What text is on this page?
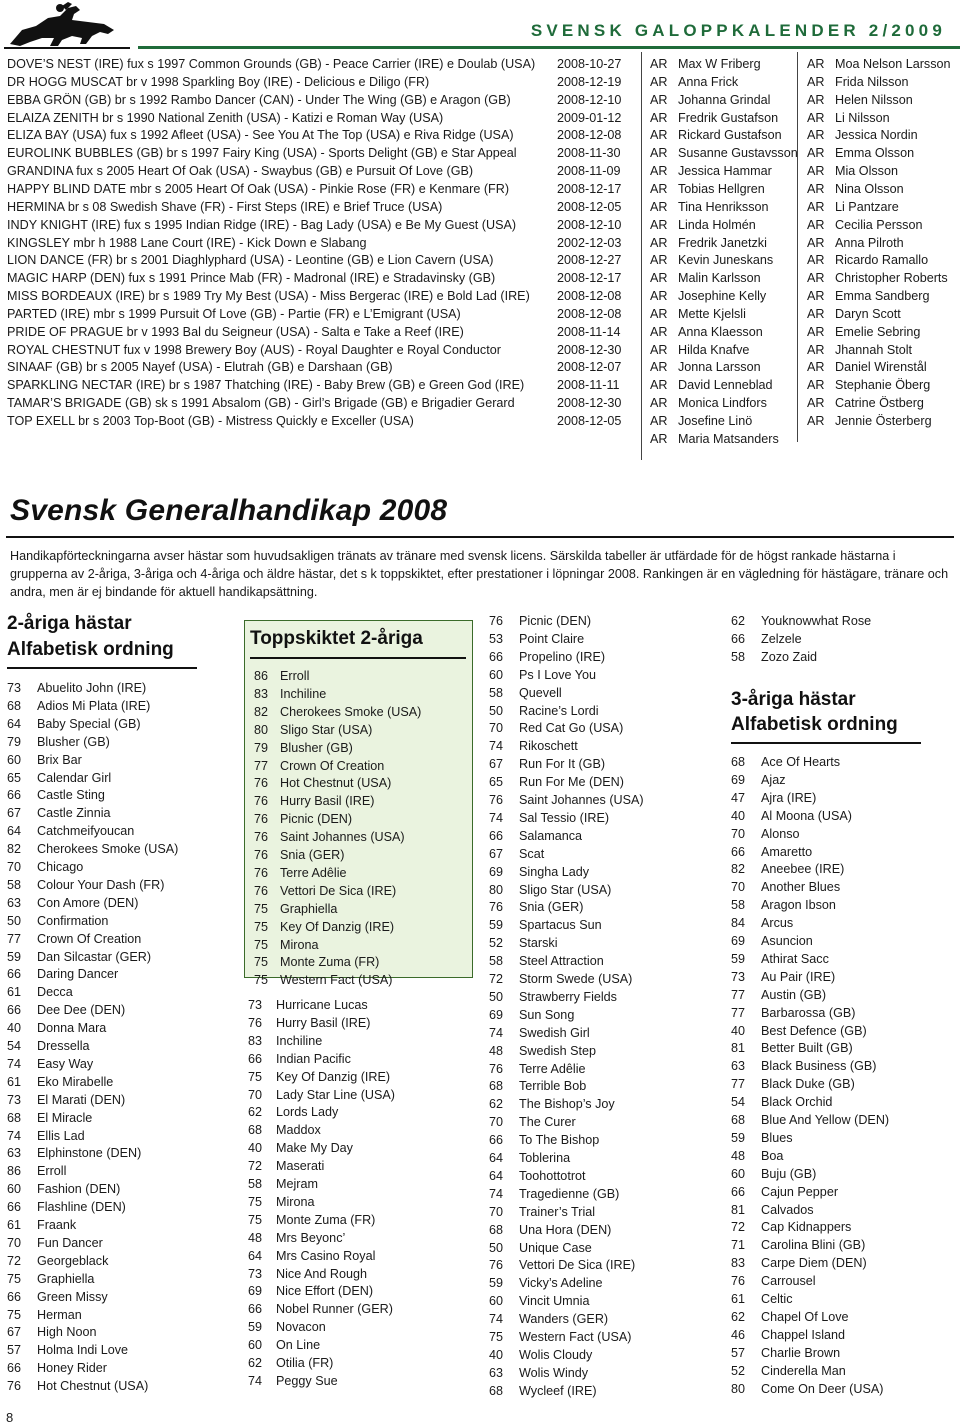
SVENSK GALOPPKALENDER 2/2009
DOVE’S NEST (IRE) fux s 1997 Common Grounds (GB) - Peace Carrier (IRE) e Doulab (USA) 2008-10-27
DR HOGG MUSCAT br v 1998 Sparkling Boy (IRE) - Delicious e Diligo (FR)	2008-12-19
EBBA GRÖN (GB) br s 1992 Rambo Dancer (CAN) - Under The Wing (GB) e Aragon (GB)	2008-12-10
ELAIZA ZENITH br s 1990 National Zenith (USA) - Katizi e Roman Way (USA)	2009-01-12
ELIZA BAY (USA) fux s 1992 Afleet (USA) - See You At The Top (USA) e Riva Ridge (USA)	2008-12-08
EUROLINK BUBBLES (GB) br s 1997 Fairy King (USA) - Sports Delight (GB) e Star Appeal	2008-11-30
GRANDINA fux s 2005 Heart Of Oak (USA) - Swaybus (GB) e Pursuit Of Love (GB)	2008-11-09
HAPPY BLIND DATE mbr s 2005 Heart Of Oak (USA) - Pinkie Rose (FR) e Kenmare (FR)	2008-12-17
HERMINA br s 08 Swedish Shave (FR) - First Steps (IRE) e Brief Truce (USA)	2008-12-05
INDY KNIGHT (IRE) fux s 1995 Indian Ridge (IRE) - Bag Lady (USA) e Be My Guest (USA)	2008-12-10
KINGSLEY mbr h 1988 Lane Court (IRE) - Kick Down e Slabang	2002-12-03
LION DANCE (FR) br s 2001 Diaghlyphard (USA) - Leontine (GB) e Lion Cavern (USA)	2008-12-27
MAGIC HARP (DEN) fux s 1991 Prince Mab (FR) - Madronal (IRE) e Stradavinsky (GB)	2008-12-17
MISS BORDEAUX (IRE) br s 1989 Try My Best (USA) - Miss Bergerac (IRE) e Bold Lad (IRE) 2008-12-08
PARTED (IRE) mbr s 1999 Pursuit Of Love (GB) - Partie (FR) e L’Emigrant (USA)	2008-12-08
PRIDE OF PRAGUE br v 1993 Bal du Seigneur (USA) - Salta e Take a Reef (IRE)	2008-11-14
ROYAL CHESTNUT fux v 1998 Brewery Boy (AUS) - Royal Daughter e Royal Conductor	2008-12-30
SINAAF (GB) br s 2005 Nayef (USA) - Elutrah (GB) e Darshaan (GB)	2008-12-07
SPARKLING NECTAR (IRE) br s 1987 Thatching (IRE) - Baby Brew (GB) e Green God (IRE)	2008-11-11
TAMAR’S BRIGADE (GB) sk s 1991 Absalom (GB) - Girl’s Brigade (GB) e Brigadier Gerard	2008-12-30
TOP EXELL br s 2003 Top-Boot (GB) - Mistress Quickly e Exceller (USA)	2008-12-05
AR Max W Friberg
AR Anna Frick
AR Johanna Grindal
AR Fredrik Gustafson
AR Rickard Gustafson
AR Susanne Gustavsson
AR Jessica Hammar
AR Tobias Hellgren
AR Tina Henriksson
AR Linda Holmén
AR Fredrik Janetzki
AR Kevin Juneskans
AR Malin Karlsson
AR Josephine Kelly
AR Mette Kjelsli
AR Anna Klaesson
AR Hilda Knafve
AR Jonna Larsson
AR David Lenneblad
AR Monica Lindfors
AR Josefine Linö
AR Maria Matsanders
AR Moa Nelson Larsson
AR Frida Nilsson
AR Helen Nilsson
AR Li Nilsson
AR Jessica Nordin
AR Emma Olsson
AR Mia Olsson
AR Nina Olsson
AR Li Pantzare
AR Cecilia Persson
AR Anna Pilroth
AR Ricardo Ramallo
AR Christopher Roberts
AR Emma Sandberg
AR Daryn Scott
AR Emelie Sebring
AR Jhannah Stolt
AR Daniel Wirenstål
AR Stephanie Öberg
AR Catrine Östberg
AR Jennie Österberg
Svensk Generalhandikap 2008
Handikapförteckningarna avser hästar som huvudsakligen tränats av tränare med svensk licens. Särskilda tabeller är utfärdade för de högst rankade hästarna i grupperna av 2-åriga, 3-åriga och 4-åriga och äldre hästar, det s k toppskiktet, efter prestationer i löpningar 2008. Rankingen är en vägledning för hästägare, tränare och andra, men är ej bindande för aktuell handikapsättning.
2-åriga hästar
Alfabetisk ordning
73 Abuelito John (IRE)
68 Adios Mi Plata (IRE)
64 Baby Special (GB)
79 Blusher (GB)
60 Brix Bar
65 Calendar Girl
66 Castle Sting
67 Castle Zinnia
64 Catchmeifyoucan
82 Cherokees Smoke (USA)
70 Chicago
58 Colour Your Dash (FR)
63 Con Amore (DEN)
50 Confirmation
77 Crown Of Creation
59 Dan Silcastar (GER)
66 Daring Dancer
61 Decca
66 Dee Dee (DEN)
40 Donna Mara
54 Dressella
74 Easy Way
61 Eko Mirabelle
73 El Marati (DEN)
68 El Miracle
74 Ellis Lad
63 Elphinstone (DEN)
86 Erroll
60 Fashion (DEN)
66 Flashline (DEN)
61 Fraank
70 Fun Dancer
72 Georgeblack
75 Graphiella
66 Green Missy
75 Herman
67 High Noon
57 Holma Indi Love
66 Honey Rider
76 Hot Chestnut (USA)
Toppskiktet 2-åriga
86 Erroll
83 Inchiline
82 Cherokees Smoke (USA)
80 Sligo Star (USA)
79 Blusher (GB)
77 Crown Of Creation
76 Hot Chestnut (USA)
76 Hurry Basil (IRE)
76 Picnic (DEN)
76 Saint Johannes (USA)
76 Snia (GER)
76 Terre Adêlie
76 Vettori De Sica (IRE)
75 Graphiella
75 Key Of Danzig (IRE)
75 Mirona
75 Monte Zuma (FR)
75 Western Fact (USA)
73 Hurricane Lucas
76 Hurry Basil (IRE)
83 Inchiline
66 Indian Pacific
75 Key Of Danzig (IRE)
70 Lady Star Line (USA)
62 Lords Lady
68 Maddox
40 Make My Day
72 Maserati
58 Mejram
75 Mirona
75 Monte Zuma (FR)
48 Mrs Beyonc’
64 Mrs Casino Royal
73 Nice And Rough
69 Nice Effort (DEN)
66 Nobel Runner (GER)
59 Novacon
60 On Line
62 Otilia (FR)
74 Peggy Sue
76 Picnic (DEN)
53 Point Claire
66 Propelino (IRE)
60 Ps I Love You
58 Quevell
50 Racine’s Lordi
70 Red Cat Go (USA)
74 Rikoschett
67 Run For It (GB)
65 Run For Me (DEN)
76 Saint Johannes (USA)
74 Sal Tessio (IRE)
66 Salamanca
67 Scat
69 Singha Lady
80 Sligo Star (USA)
76 Snia (GER)
59 Spartacus Sun
52 Starski
58 Steel Attraction
72 Storm Swede (USA)
50 Strawberry Fields
69 Sun Song
74 Swedish Girl
48 Swedish Step
76 Terre Adêlie
68 Terrible Bob
62 The Bishop’s Joy
70 The Curer
66 To The Bishop
64 Toblerina
64 Toohottotrot
74 Tragedienne (GB)
70 Trainer’s Trial
68 Una Hora (DEN)
50 Unique Case
76 Vettori De Sica (IRE)
59 Vicky’s Adeline
60 Vincit Umnia
74 Wanders (GER)
75 Western Fact (USA)
40 Wolis Cloudy
63 Wolis Windy
68 Wycleef (IRE)
62 Youknowwhat Rose
66 Zelzele
58 Zozo Zaid
3-åriga hästar
Alfabetisk ordning
68 Ace Of Hearts
69 Ajaz
47 Ajra (IRE)
40 Al Moona (USA)
70 Alonso
66 Amaretto
82 Aneebee (IRE)
70 Another Blues
58 Aragon Ibson
84 Arcus
69 Asuncion
59 Athirat Sacc
73 Au Pair (IRE)
77 Austin (GB)
77 Barbarossa (GB)
40 Best Defence (GB)
81 Better Built (GB)
63 Black Business (GB)
77 Black Duke (GB)
54 Black Orchid
68 Blue And Yellow (DEN)
59 Blues
48 Boa
60 Buju (GB)
66 Cajun Pepper
81 Calvados
72 Cap Kidnappers
71 Carolina Blini (GB)
83 Carpe Diem (DEN)
76 Carrousel
61 Celtic
62 Chapel Of Love
46 Chappel Island
57 Charlie Brown
52 Cinderella Man
80 Come On Deer (USA)
8
